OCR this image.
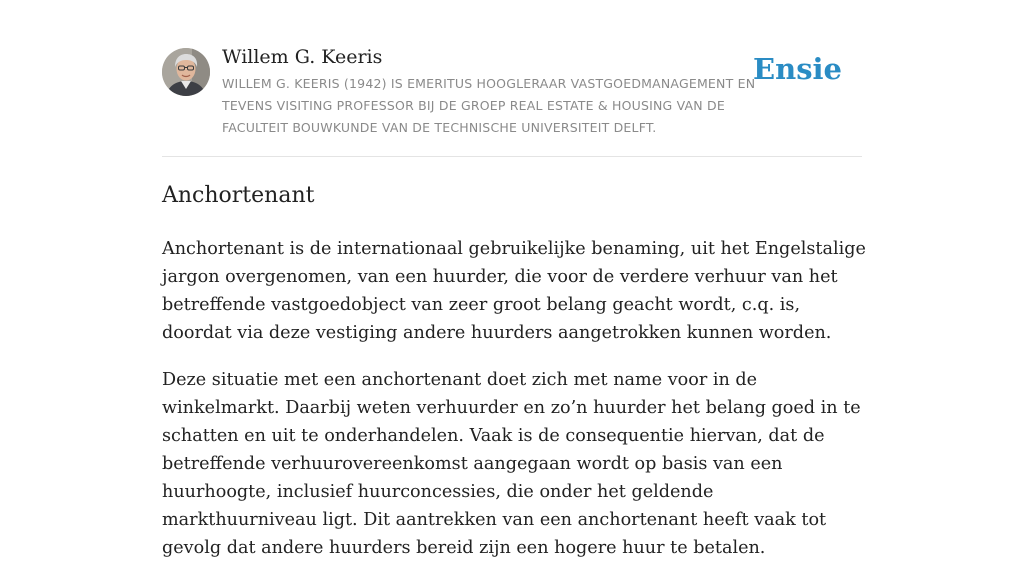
Willem G. Keeris
WILLEM G. KEERIS (1942) IS EMERITUS HOOGLERAAR VASTGOEDMANAGEMENT EN TEVENS VISITING PROFESSOR BIJ DE GROEP REAL ESTATE & HOUSING VAN DE FACULTEIT BOUWKUNDE VAN DE TECHNISCHE UNIVERSITEIT DELFT.
Ensie
Anchortenant

Anchortenant is de internationaal gebruikelijke benaming, uit het Engelstalige jargon overgenomen, van een huurder, die voor de verdere verhuur van het betreffende vastgoedobject van zeer groot belang geacht wordt, c.q. is, doordat via deze vestiging andere huurders aangetrokken kunnen worden.

Deze situatie met een anchortenant doet zich met name voor in de winkelmarkt. Daarbij weten verhuurder en zo’n huurder het belang goed in te schatten en uit te onderhandelen. Vaak is de consequentie hiervan, dat de betreffende verhuurovereenkomst aangegaan wordt op basis van een huurhoogte, inclusief huurconcessies, die onder het geldende markthuurniveau ligt. Dit aantrekken van een anchortenant heeft vaak tot gevolg dat andere huurders bereid zijn een hogere huur te betalen.
